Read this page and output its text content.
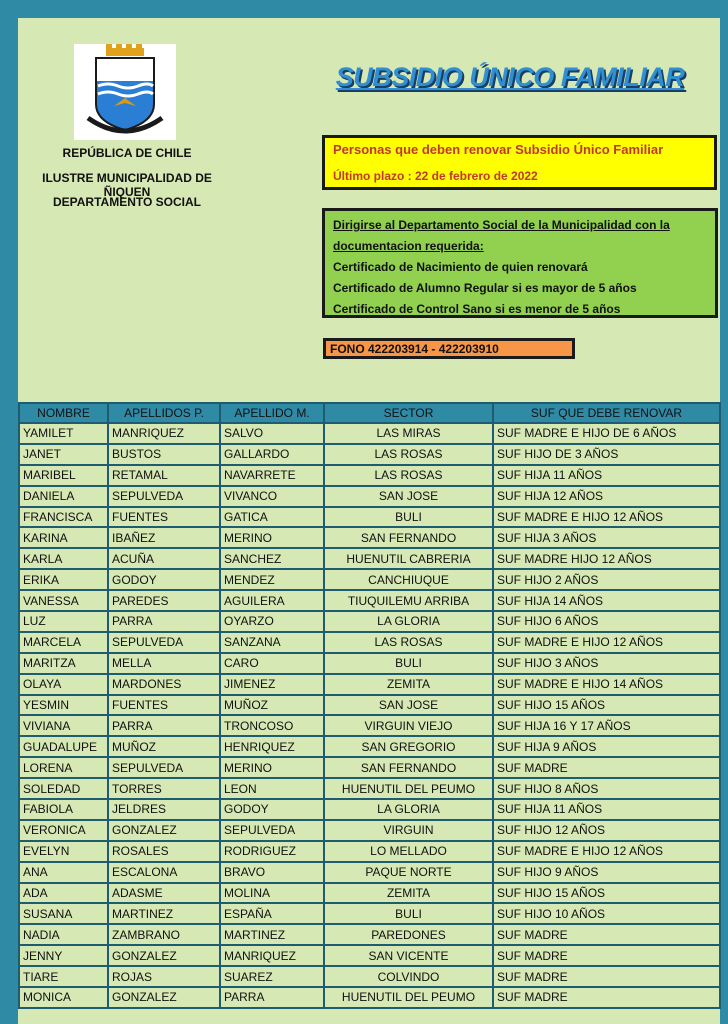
REPÚBLICA DE CHILE
ILUSTRE MUNICIPALIDAD DE ÑIQUEN
DEPARTAMENTO SOCIAL
SUBSIDIO ÚNICO FAMILIAR
Personas que deben renovar Subsidio Único Familiar
Último plazo : 22 de febrero de 2022
Dirigirse al Departamento Social de la Municipalidad con la documentacion requerida:
Certificado de Nacimiento de quien renovará
Certificado de Alumno Regular si es mayor de 5 años
Certificado de Control Sano si es menor de 5 años
FONO 422203914 - 422203910
NOMBRE	APELLIDOS P.	APELLIDO M.	SECTOR	SUF QUE DEBE RENOVAR
YAMILET	MANRIQUEZ	SALVO	LAS MIRAS	SUF MADRE E HIJO DE 6 AÑOS
JANET	BUSTOS	GALLARDO	LAS ROSAS	SUF HIJO DE 3 AÑOS
MARIBEL	RETAMAL	NAVARRETE	LAS ROSAS	SUF HIJA 11 AÑOS
DANIELA	SEPULVEDA	VIVANCO	SAN JOSE	SUF HIJA 12 AÑOS
FRANCISCA	FUENTES	GATICA	BULI	SUF MADRE E HIJO 12 AÑOS
KARINA	IBAÑEZ	MERINO	SAN FERNANDO	SUF HIJA 3 AÑOS
KARLA	ACUÑA	SANCHEZ	HUENUTIL CABRERIA	SUF MADRE HIJO 12 AÑOS
ERIKA	GODOY	MENDEZ	CANCHIUQUE	SUF HIJO 2 AÑOS
VANESSA	PAREDES	AGUILERA	TIUQUILEMU ARRIBA	SUF HIJA 14 AÑOS
LUZ	PARRA	OYARZO	LA GLORIA	SUF HIJO 6 AÑOS
MARCELA	SEPULVEDA	SANZANA	LAS ROSAS	SUF MADRE E HIJO 12 AÑOS
MARITZA	MELLA	CARO	BULI	SUF HIJO 3 AÑOS
OLAYA	MARDONES	JIMENEZ	ZEMITA	SUF MADRE E HIJO 14 AÑOS
YESMIN	FUENTES	MUÑOZ	SAN JOSE	SUF HIJO 15 AÑOS
VIVIANA	PARRA	TRONCOSO	VIRGUIN VIEJO	SUF HIJA 16 Y 17 AÑOS
GUADALUPE	MUÑOZ	HENRIQUEZ	SAN GREGORIO	SUF HIJA 9 AÑOS
LORENA	SEPULVEDA	MERINO	SAN FERNANDO	SUF MADRE
SOLEDAD	TORRES	LEON	HUENUTIL DEL PEUMO	SUF HIJO 8 AÑOS
FABIOLA	JELDRES	GODOY	LA GLORIA	SUF HIJA 11 AÑOS
VERONICA	GONZALEZ	SEPULVEDA	VIRGUIN	SUF HIJO 12 AÑOS
EVELYN	ROSALES	RODRIGUEZ	LO MELLADO	SUF MADRE E HIJO 12 AÑOS
ANA	ESCALONA	BRAVO	PAQUE NORTE	SUF HIJO 9 AÑOS
ADA	ADASME	MOLINA	ZEMITA	SUF HIJO 15 AÑOS
SUSANA	MARTINEZ	ESPAÑA	BULI	SUF HIJO 10 AÑOS
NADIA	ZAMBRANO	MARTINEZ	PAREDONES	SUF MADRE
JENNY	GONZALEZ	MANRIQUEZ	SAN VICENTE	SUF MADRE
TIARE	ROJAS	SUAREZ	COLVINDO	SUF MADRE
MONICA	GONZALEZ	PARRA	HUENUTIL DEL PEUMO	SUF MADRE
